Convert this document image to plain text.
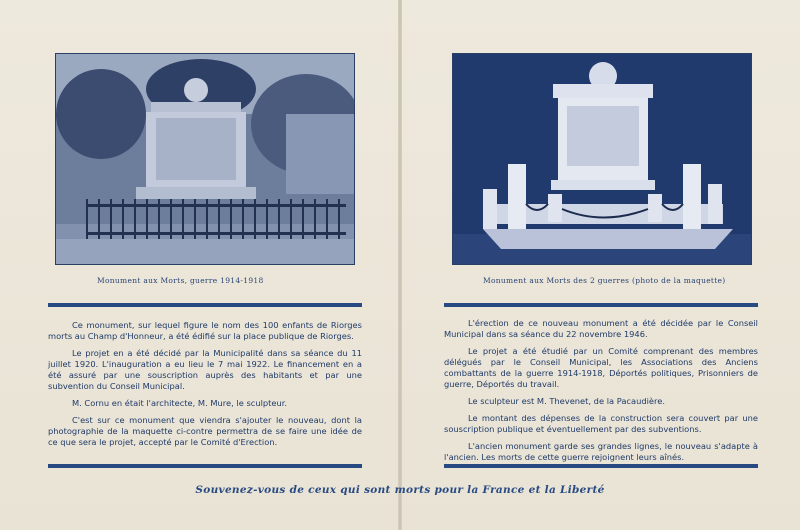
Monument aux Morts, guerre 1914-1918	Monument aux Morts des 2 guerres (photo de la maquette)

Ce monument, sur lequel figure le nom des 100 enfants de Riorges morts au Champ d'Honneur, a été édifié sur la place publique de Riorges.

Le projet en a été décidé par la Municipalité dans sa séance du 11 juillet 1920. L'inauguration a eu lieu le 7 mai 1922. Le financement en a été assuré par une souscription auprès des habitants et par une subvention du Conseil Municipal.

M. Cornu en était l'architecte, M. Mure, le sculpteur.

C'est sur ce monument que viendra s'ajouter le nouveau, dont la photographie de la maquette ci-contre permettra de se faire une idée de ce que sera le projet, accepté par le Comité d'Erection.

L'érection de ce nouveau monument a été décidée par le Conseil Municipal dans sa séance du 22 novembre 1946.

Le projet a été étudié par un Comité comprenant des membres délégués par le Conseil Municipal, les Associations des Anciens combattants de la guerre 1914-1918, Déportés politiques, Prisonniers de guerre, Déportés du travail.

Le sculpteur est M. Thevenet, de la Pacaudière.

Le montant des dépenses de la construction sera couvert par une souscription publique et éventuellement par des subventions.

L'ancien monument garde ses grandes lignes, le nouveau s'adapte à l'ancien. Les morts de cette guerre rejoignent leurs aînés.

Souvenez-vous de ceux qui sont morts pour la France et la Liberté
